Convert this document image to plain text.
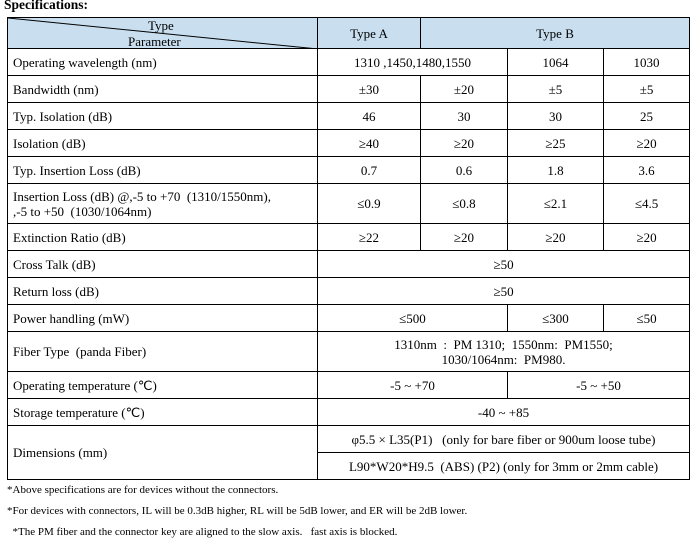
Specifications:
Type
Parameter	Type A	Type B		
Operating wavelength (nm)	1310 ,1450,1480,1550		1064	1030
Bandwidth (nm)	±30	±20	±5	±5
Typ. Isolation (dB)	46	30	30	25
Isolation (dB)	≥40	≥20	≥25	≥20
Typ. Insertion Loss (dB)	0.7	0.6	1.8	3.6

Insertion Loss (dB) @,-5 to +70  (1310/1550nm),
,-5 to +50  (1030/1064nm)	≤0.9	≤0.8	≤2.1	≤4.5
Extinction Ratio (dB)	≥22	≥20	≥20	≥20
Cross Talk (dB)	≥50			
Return loss (dB)	≥50			
Power handling (mW)	≤500		≤300	≤50
Fiber Type  (panda Fiber)	1310nm  :  PM 1310;  1550nm:  PM1550;
1030/1064nm:  PM980.			

Operating temperature (℃)	-5 ~ +70		-5 ~ +50	
Storage temperature (℃)	-40 ~ +85			
Dimensions (mm)	φ5.5 × L35(P1)   (only for bare fiber or 900um loose tube)			
	L90*W20*H9.5  (ABS) (P2) (only for 3mm or 2mm cable)			
*Above specifications are for devices without the connectors.
*For devices with connectors, IL will be 0.3dB higher, RL will be 5dB lower, and ER will be 2dB lower.
*The PM fiber and the connector key are aligned to the slow axis.   fast axis is blocked.
